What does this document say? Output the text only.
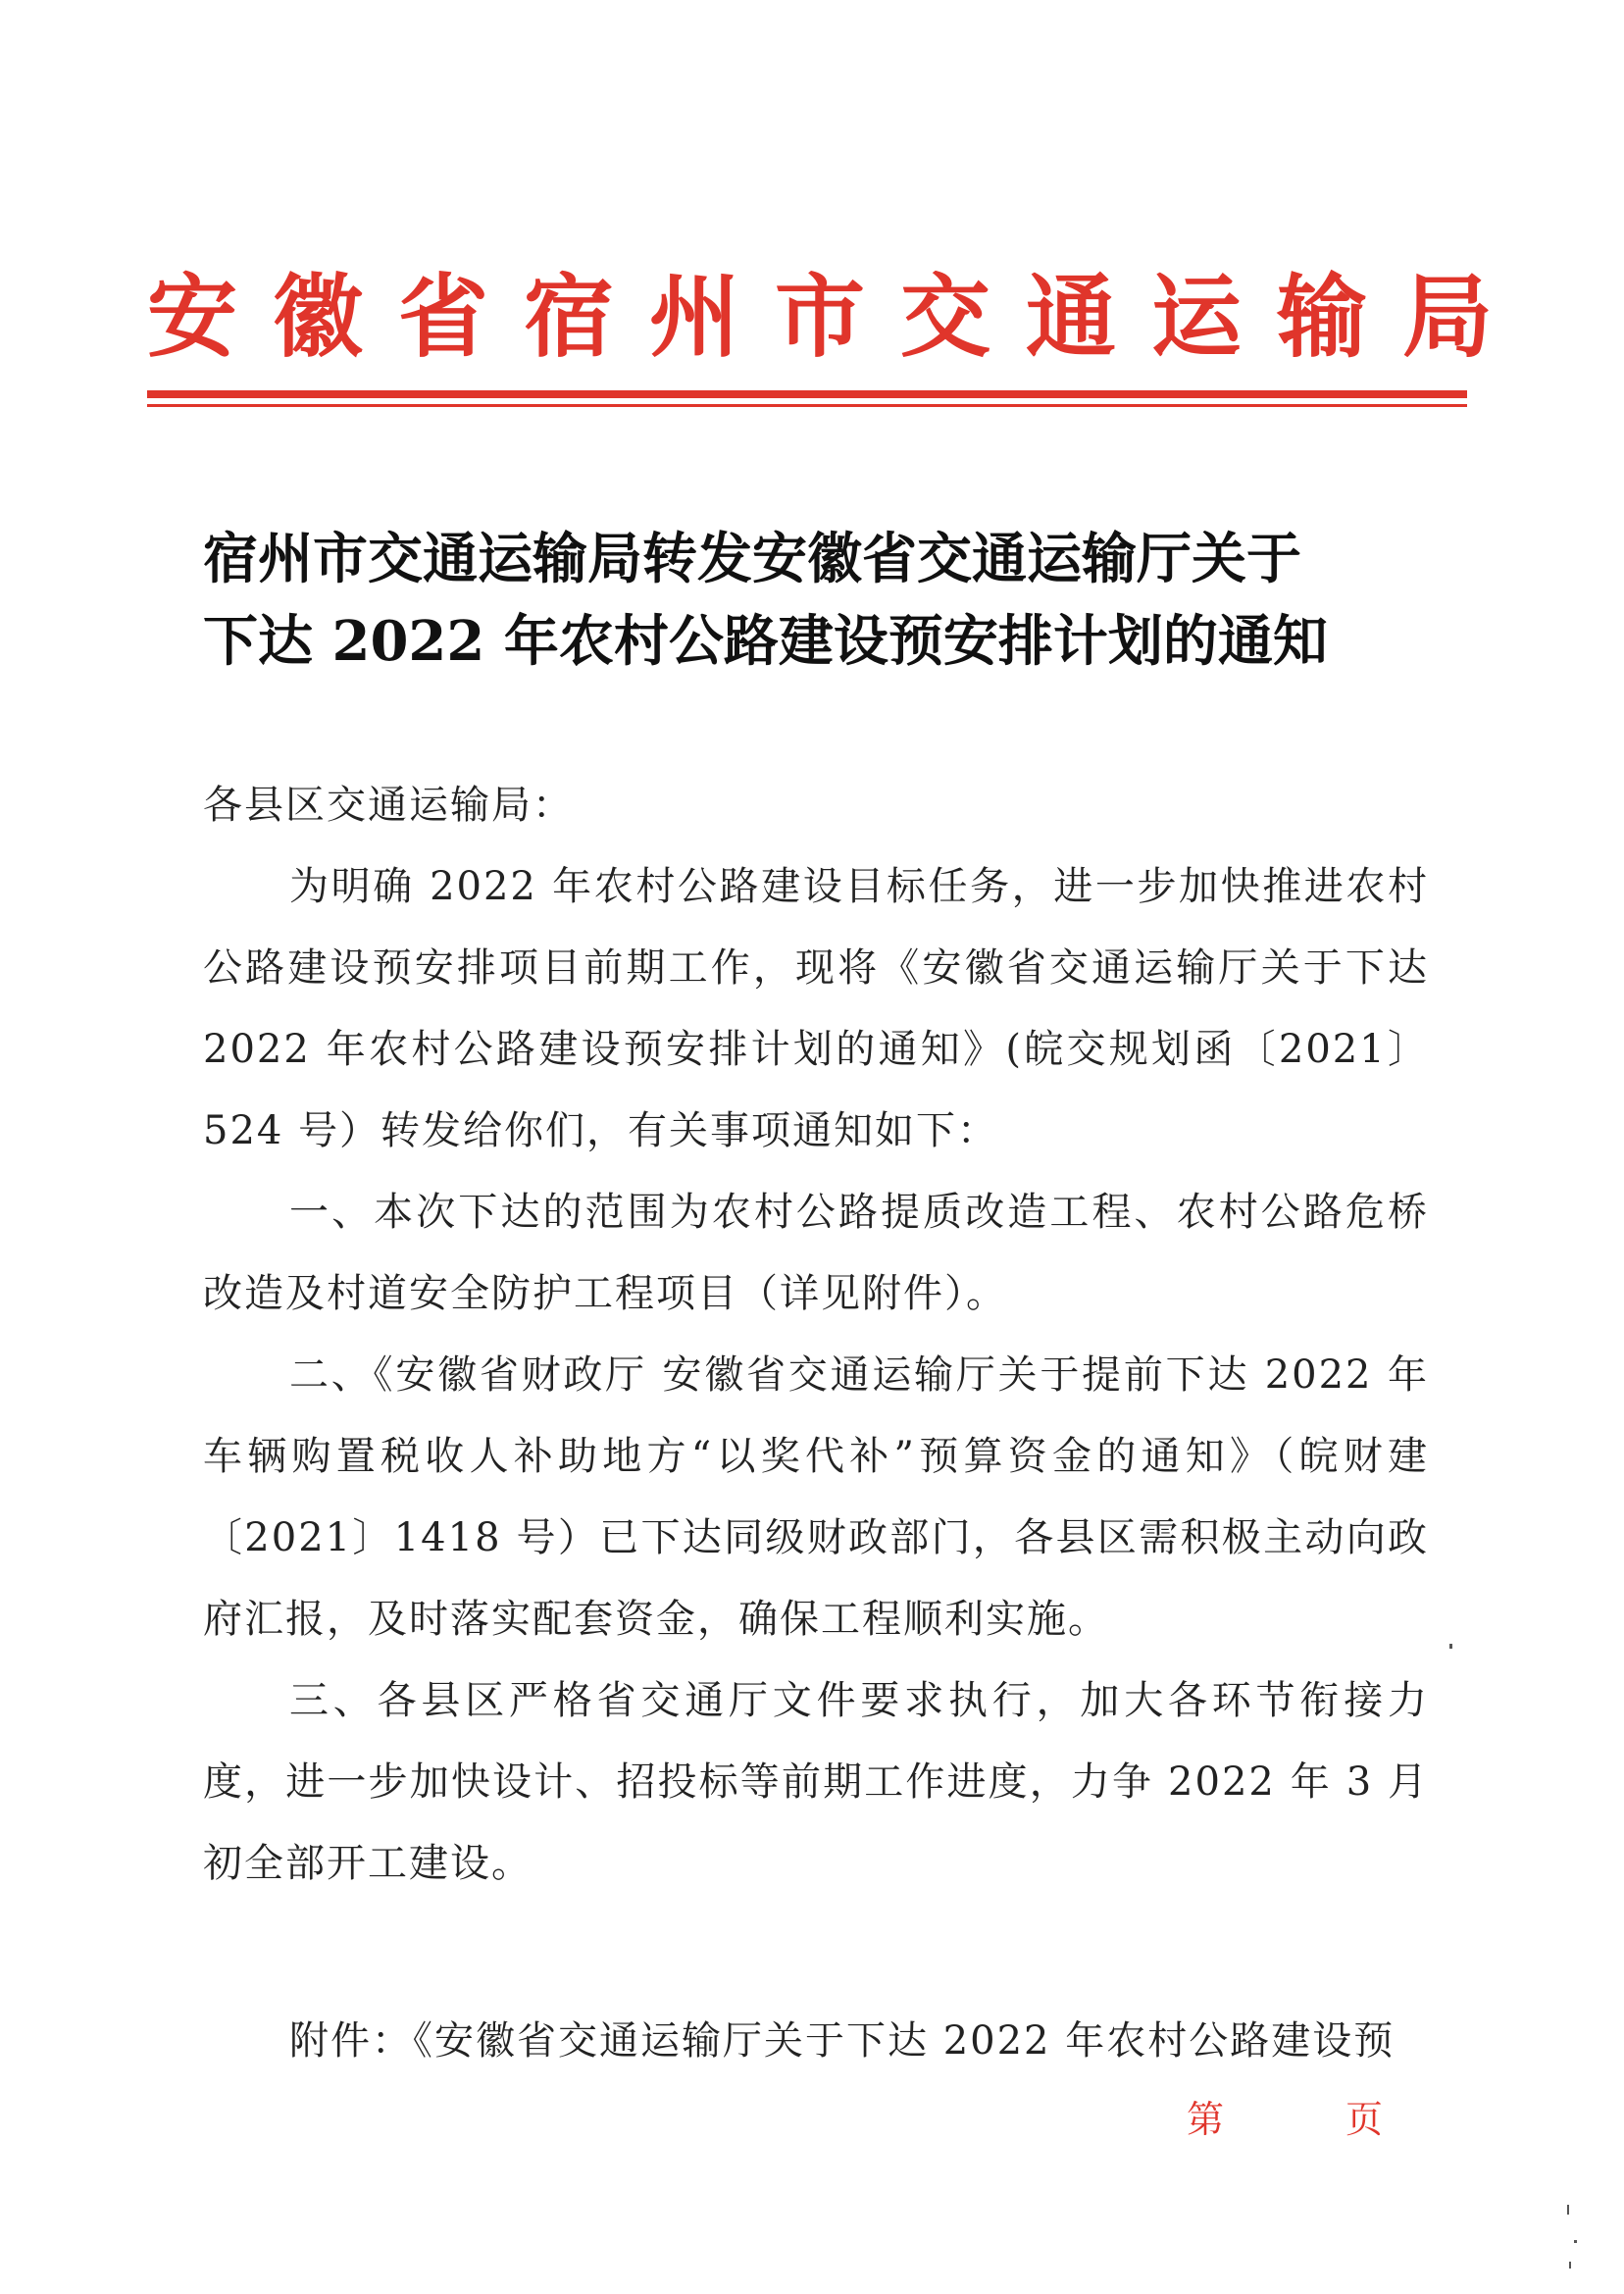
安徽省宿州市交通运输局
宿州市交通运输局转发安徽省交通运输厅关于
下达 2022 年农村公路建设预安排计划的通知

各县区交通运输局：

为明确 2022 年农村公路建设目标任务，进一步加快推进农村公路建设预安排项目前期工作，现将《安徽省交通运输厅关于下达 2022 年农村公路建设预安排计划的通知》(皖交规划函〔2021〕524 号）转发给你们，有关事项通知如下：

一、本次下达的范围为农村公路提质改造工程、农村公路危桥改造及村道安全防护工程项目（详见附件）。

二、《安徽省财政厅 安徽省交通运输厅关于提前下达 2022 年车辆购置税收人补助地方“以奖代补”预算资金的通知》（皖财建〔2021〕1418 号）已下达同级财政部门，各县区需积极主动向政府汇报，及时落实配套资金，确保工程顺利实施。

三、各县区严格省交通厅文件要求执行，加大各环节衔接力度，进一步加快设计、招投标等前期工作进度，力争 2022 年 3 月初全部开工建设。

附件：《安徽省交通运输厅关于下达 2022 年农村公路建设预
第	页
